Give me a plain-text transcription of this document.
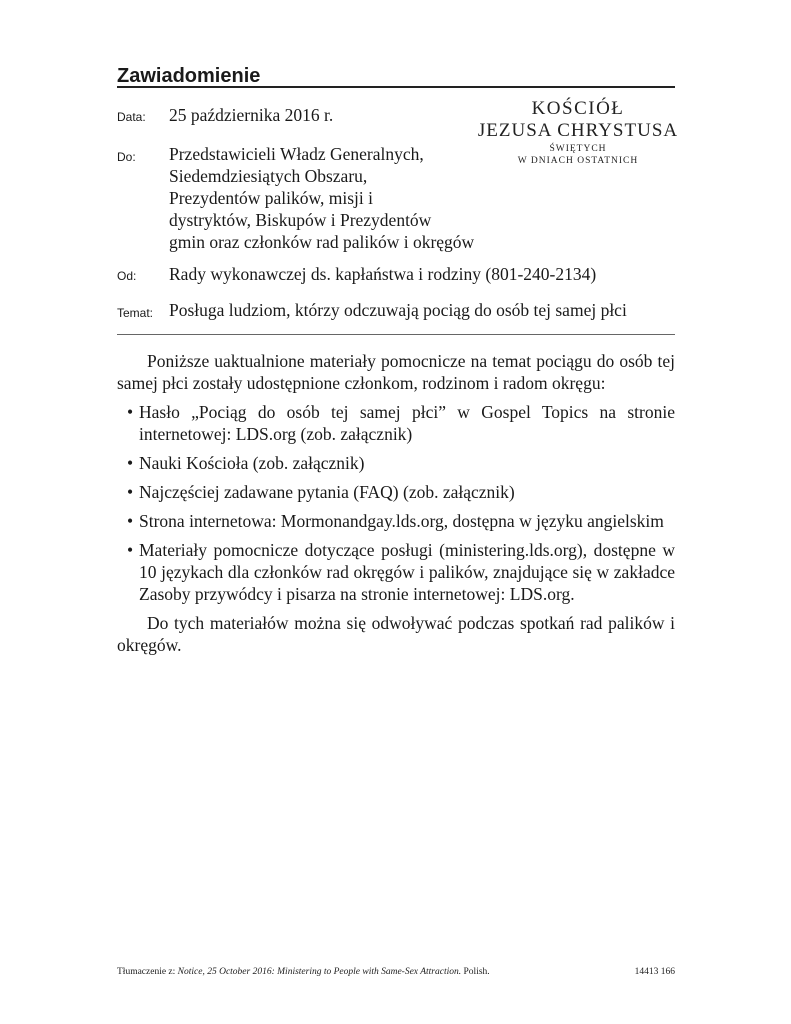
Zawiadomienie
KOŚCIÓŁ
JEZUSA CHRYSTUSA
ŚWIĘTYCH
W DNIACH OSTATNICH
Data: 25 października 2016 r.
Do: Przedstawicieli Władz Generalnych,
Siedemdziesiątych Obszaru,
Prezydentów palików, misji i
dystryktów, Biskupów i Prezydentów
gmin oraz członków rad palików i okręgów
Od: Rady wykonawczej ds. kapłaństwa i rodziny (801-240-2134)
Temat: Posługa ludziom, którzy odczuwają pociąg do osób tej samej płci

Poniższe uaktualnione materiały pomocnicze na temat pociągu do osób tej samej płci zostały udostępnione członkom, rodzinom i radom okręgu:

• Hasło „Pociąg do osób tej samej płci” w Gospel Topics na stronie internetowej: LDS.org (zob. załącznik)
• Nauki Kościoła (zob. załącznik)
• Najczęściej zadawane pytania (FAQ) (zob. załącznik)
• Strona internetowa: Mormonandgay.lds.org, dostępna w języku angielskim
• Materiały pomocnicze dotyczące posługi (ministering.lds.org), dostępne w 10 językach dla członków rad okręgów i palików, znajdujące się w zakładce Zasoby przywódcy i pisarza na stronie internetowej: LDS.org.

Do tych materiałów można się odwoływać podczas spotkań rad palików i okręgów.

Tłumaczenie z: Notice, 25 October 2016: Ministering to People with Same-Sex Attraction. Polish.	14413 166
